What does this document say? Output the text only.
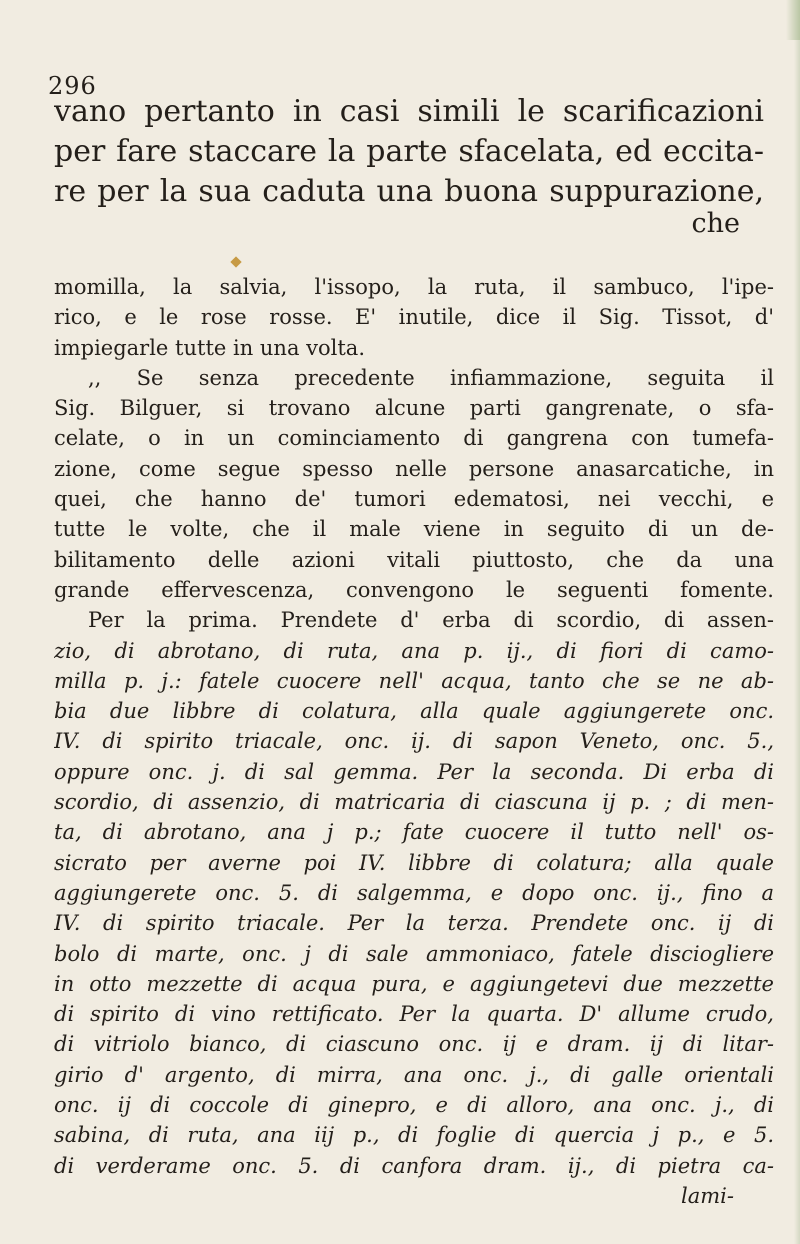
296
vano pertanto in casi simili le scarificazioni
per fare staccare la parte sfacelata, ed eccita-
re per la sua caduta una buona suppurazione,
che
momilla, la salvia, l'issopo, la ruta, il sambuco, l'ipe-
rico, e le rose rosse. E' inutile, dice il Sig. Tissot, d'
impiegarle tutte in una volta.
,, Se senza precedente infiammazione, seguita il
Sig. Bilguer, si trovano alcune parti gangrenate, o sfa-
celate, o in un cominciamento di gangrena con tumefa-
zione, come segue spesso nelle persone anasarcatiche, in
quei, che hanno de' tumori edematosi, nei vecchi, e
tutte le volte, che il male viene in seguito di un de-
bilitamento delle azioni vitali piuttosto, che da una
grande effervescenza, convengono le seguenti fomente.
Per la prima. Prendete d' erba di scordio, di assen-
zio, di abrotano, di ruta, ana p. ij., di fiori di camo-
milla p. j.: fatele cuocere nell' acqua, tanto che se ne ab-
bia due libbre di colatura, alla quale aggiungerete onc.
IV. di spirito triacale, onc. ij. di sapon Veneto, onc. 5.,
oppure onc. j. di sal gemma. Per la seconda. Di erba di
scordio, di assenzio, di matricaria di ciascuna ij p. ; di men-
ta, di abrotano, ana j p.; fate cuocere il tutto nell' os-
sicrato per averne poi IV. libbre di colatura; alla quale
aggiungerete onc. 5. di salgemma, e dopo onc. ij., fino a
IV. di spirito triacale. Per la terza. Prendete onc. ij di
bolo di marte, onc. j di sale ammoniaco, fatele disciogliere
in otto mezzette di acqua pura, e aggiungetevi due mezzette
di spirito di vino rettificato. Per la quarta. D' allume crudo,
di vitriolo bianco, di ciascuno onc. ij e dram. ij di litar-
girio d' argento, di mirra, ana onc. j., di galle orientali
onc. ij di coccole di ginepro, e di alloro, ana onc. j., di
sabina, di ruta, ana iij p., di foglie di quercia j p., e 5.
di verderame onc. 5. di canfora dram. ij., di pietra ca-
lami-
